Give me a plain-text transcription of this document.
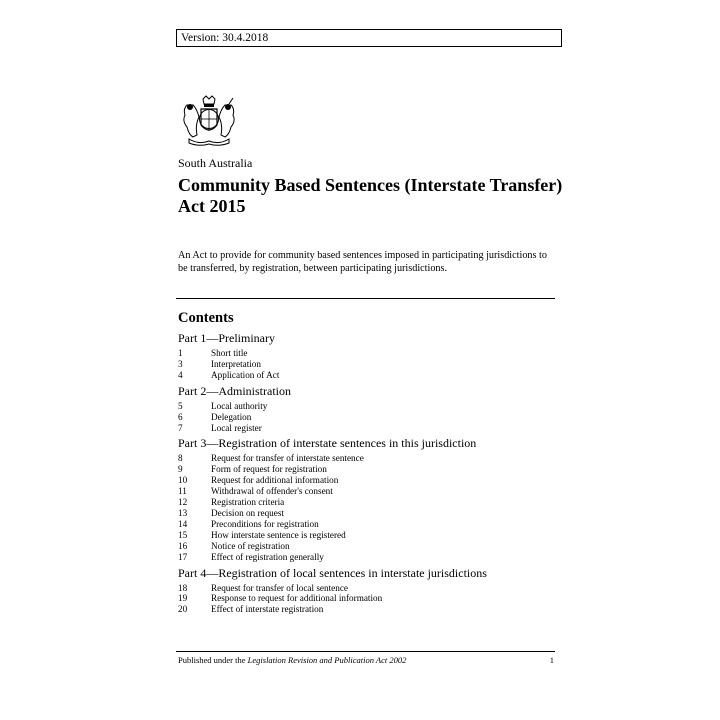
Version: 30.4.2018
South Australia
Community Based Sentences (Interstate Transfer) Act 2015

An Act to provide for community based sentences imposed in participating jurisdictions to be transferred, by registration, between participating jurisdictions.

Contents
Part 1—Preliminary
1	Short title
3	Interpretation
4	Application of Act
Part 2—Administration
5	Local authority
6	Delegation
7	Local register
Part 3—Registration of interstate sentences in this jurisdiction
8	Request for transfer of interstate sentence
9	Form of request for registration
10	Request for additional information
11	Withdrawal of offender's consent
12	Registration criteria
13	Decision on request
14	Preconditions for registration
15	How interstate sentence is registered
16	Notice of registration
17	Effect of registration generally
Part 4—Registration of local sentences in interstate jurisdictions
18	Request for transfer of local sentence
19	Response to request for additional information
20	Effect of interstate registration
Published under the Legislation Revision and Publication Act 2002	1
